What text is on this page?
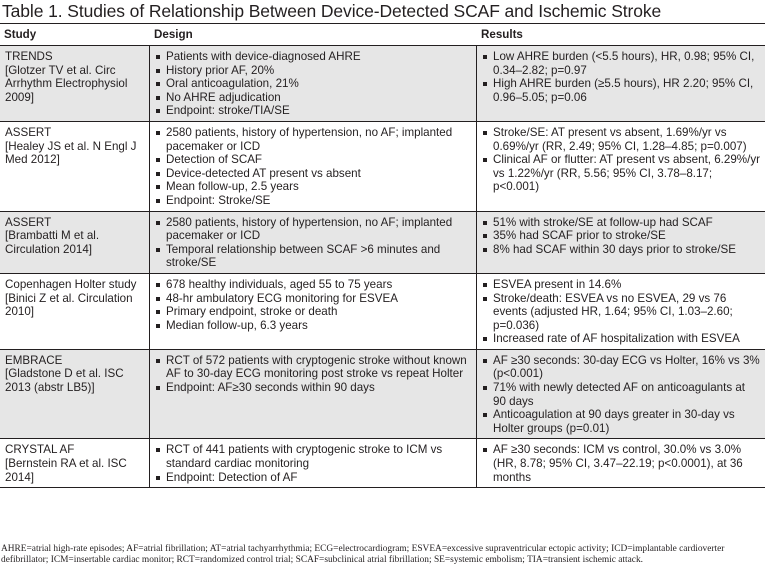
Table 1. Studies of Relationship Between Device-Detected SCAF and Ischemic Stroke
Study	Design	Results
TRENDS
[Glotzer TV et al. Circ Arrhythm Electrophysiol 2009]
Patients with device-diagnosed AHRE
History prior AF, 20%
Oral anticoagulation, 21%
No AHRE adjudication
Endpoint: stroke/TIA/SE
Low AHRE burden (<5.5 hours), HR, 0.98; 95% CI, 0.34–2.82; p=0.97
High AHRE burden (≥5.5 hours), HR 2.20; 95% CI, 0.96–5.05; p=0.06
ASSERT
[Healey JS et al. N Engl J Med 2012]
2580 patients, history of hypertension, no AF; implanted pacemaker or ICD
Detection of SCAF
Device-detected AT present vs absent
Mean follow-up, 2.5 years
Endpoint: Stroke/SE
Stroke/SE: AT present vs absent, 1.69%/yr vs 0.69%/yr (RR, 2.49; 95% CI, 1.28–4.85; p=0.007)
Clinical AF or flutter: AT present vs absent, 6.29%/yr vs 1.22%/yr (RR, 5.56; 95% CI, 3.78–8.17; p<0.001)
ASSERT
[Brambatti M et al. Circulation 2014]
2580 patients, history of hypertension, no AF; implanted pacemaker or ICD
Temporal relationship between SCAF >6 minutes and stroke/SE
51% with stroke/SE at follow-up had SCAF
35% had SCAF prior to stroke/SE
8% had SCAF within 30 days prior to stroke/SE
Copenhagen Holter study
[Binici Z et al. Circulation 2010]
678 healthy individuals, aged 55 to 75 years
48-hr ambulatory ECG monitoring for ESVEA
Primary endpoint, stroke or death
Median follow-up, 6.3 years
ESVEA present in 14.6%
Stroke/death: ESVEA vs no ESVEA, 29 vs 76 events (adjusted HR, 1.64; 95% CI, 1.03–2.60; p=0.036)
Increased rate of AF hospitalization with ESVEA
EMBRACE
[Gladstone D et al. ISC 2013 (abstr LB5)]
RCT of 572 patients with cryptogenic stroke without known AF to 30-day ECG monitoring post stroke vs repeat Holter
Endpoint: AF≥30 seconds within 90 days
AF ≥30 seconds: 30-day ECG vs Holter, 16% vs 3% (p<0.001)
71% with newly detected AF on anticoagulants at 90 days
Anticoagulation at 90 days greater in 30-day vs Holter groups (p=0.01)
CRYSTAL AF
[Bernstein RA et al. ISC 2014]
RCT of 441 patients with cryptogenic stroke to ICM vs standard cardiac monitoring
Endpoint: Detection of AF
AF ≥30 seconds: ICM vs control, 30.0% vs 3.0% (HR, 8.78; 95% CI, 3.47–22.19; p<0.0001), at 36 months
AHRE=atrial high-rate episodes; AF=atrial fibrillation; AT=atrial tachyarrhythmia; ECG=electrocardiogram; ESVEA=excessive supraventricular ectopic activity; ICD=implantable cardioverter defibrillator; ICM=insertable cardiac monitor; RCT=randomized control trial; SCAF=subclinical atrial fibrillation; SE=systemic embolism; TIA=transient ischemic attack.
